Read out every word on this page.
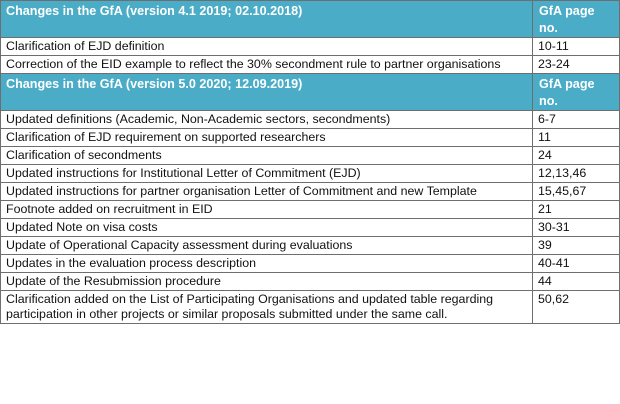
Changes in the GfA (version 4.1 2019; 02.10.2018)	GfA page no.
Clarification of EJD definition	10-11
Correction of the EID example to reflect the 30% secondment rule to partner organisations	23-24
Changes in the GfA (version 5.0 2020; 12.09.2019)	GfA page no.
Updated definitions (Academic, Non-Academic sectors, secondments)	6-7
Clarification of EJD requirement on supported researchers	11
Clarification of secondments	24
Updated instructions for Institutional Letter of Commitment (EJD)	12,13,46
Updated instructions for partner organisation Letter of Commitment and new Template	15,45,67
Footnote added on recruitment in EID	21
Updated Note on visa costs	30-31
Update of Operational Capacity assessment during evaluations	39
Updates in the evaluation process description	40-41
Update of the Resubmission procedure	44
Clarification added on the List of Participating Organisations and updated table regarding participation in other projects or similar proposals submitted under the same call.	50,62
